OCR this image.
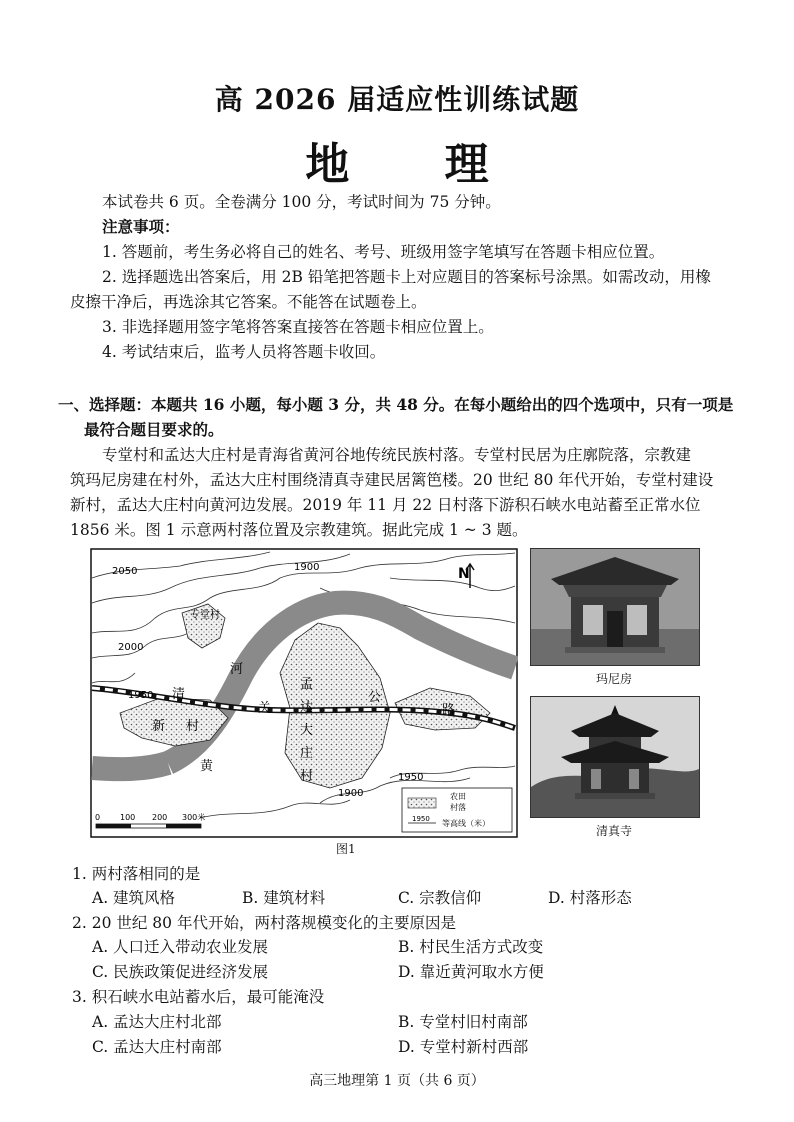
高 2026 届适应性训练试题
地 理
本试卷共 6 页。全卷满分 100 分，考试时间为 75 分钟。
注意事项：
1. 答题前，考生务必将自己的姓名、考号、班级用签字笔填写在答题卡相应位置。
2. 选择题选出答案后，用 2B 铅笔把答题卡上对应题目的答案标号涂黑。如需改动，用橡
皮擦干净后，再选涂其它答案。不能答在试题卷上。
3. 非选择题用签字笔将答案直接答在答题卡相应位置上。
4. 考试结束后，监考人员将答题卡收回。
一、选择题：本题共 16 小题，每小题 3 分，共 48 分。在每小题给出的四个选项中，只有一项是
最符合题目要求的。
专堂村和孟达大庄村是青海省黄河谷地传统民族村落。专堂村民居为庄廓院落，宗教建
筑玛尼房建在村外，孟达大庄村围绕清真寺建民居篱笆楼。20 世纪 80 年代开始，专堂村建设
新村，孟达大庄村向黄河边发展。2019 年 11 月 22 日村落下游积石峡水电站蓄至正常水位
1856 米。图 1 示意两村落位置及宗教建筑。据此完成 1 ~ 3 题。
2050	1900
2000
1950
1950
1900
专堂村
清
新 村
河
黄
关
公
路
孟
达
大
庄
村
N
0 100 200 300米
农田
村落
1950 等高线（米）
图1
玛尼房
清真寺
1. 两村落相同的是
A. 建筑风格	B. 建筑材料	C. 宗教信仰	D. 村落形态
2. 20 世纪 80 年代开始，两村落规模变化的主要原因是
A. 人口迁入带动农业发展	B. 村民生活方式改变
C. 民族政策促进经济发展	D. 靠近黄河取水方便
3. 积石峡水电站蓄水后，最可能淹没
A. 孟达大庄村北部	B. 专堂村旧村南部
C. 孟达大庄村南部	D. 专堂村新村西部
高三地理第 1 页（共 6 页）
